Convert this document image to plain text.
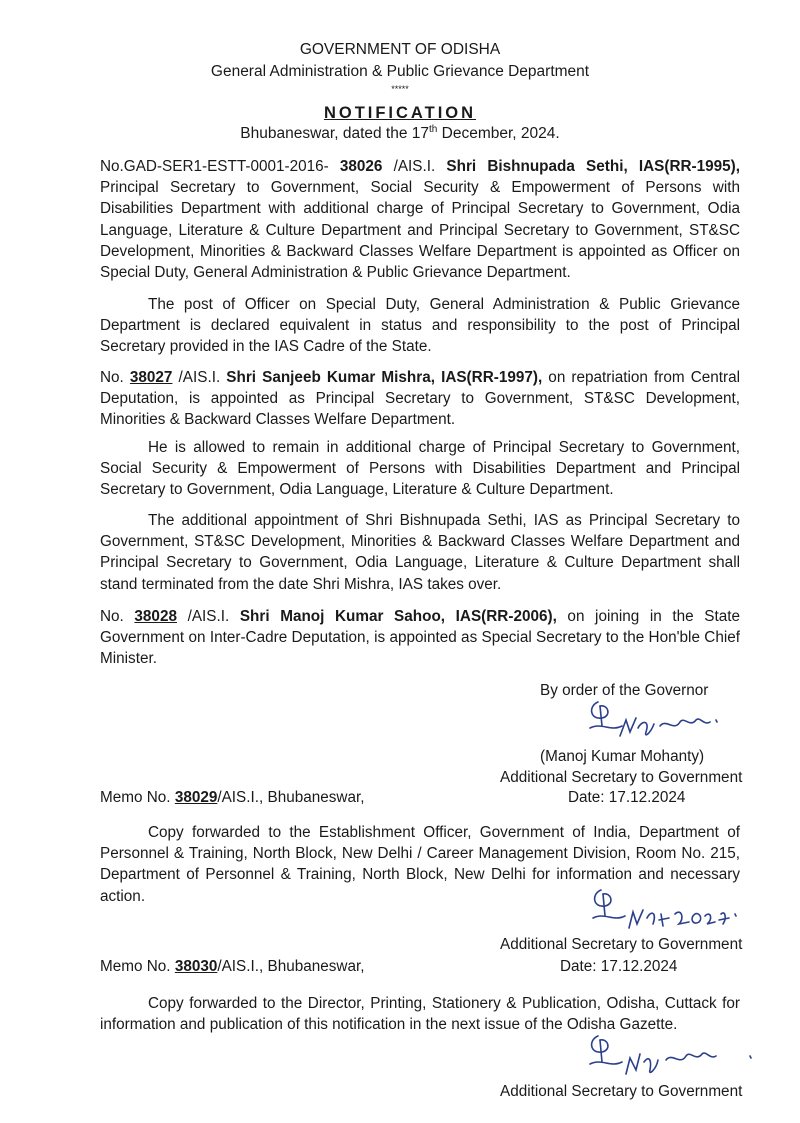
GOVERNMENT OF ODISHA
General Administration & Public Grievance Department
*****
NOTIFICATION
Bhubaneswar, dated the 17th December, 2024.

No.GAD-SER1-ESTT-0001-2016- 38026 /AIS.I. Shri Bishnupada Sethi, IAS(RR-1995), Principal Secretary to Government, Social Security & Empowerment of Persons with Disabilities Department with additional charge of Principal Secretary to Government, Odia Language, Literature & Culture Department and Principal Secretary to Government, ST&SC Development, Minorities & Backward Classes Welfare Department is appointed as Officer on Special Duty, General Administration & Public Grievance Department.

The post of Officer on Special Duty, General Administration & Public Grievance Department is declared equivalent in status and responsibility to the post of Principal Secretary provided in the IAS Cadre of the State.

No. 38027 /AIS.I. Shri Sanjeeb Kumar Mishra, IAS(RR-1997), on repatriation from Central Deputation, is appointed as Principal Secretary to Government, ST&SC Development, Minorities & Backward Classes Welfare Department.

He is allowed to remain in additional charge of Principal Secretary to Government, Social Security & Empowerment of Persons with Disabilities Department and Principal Secretary to Government, Odia Language, Literature & Culture Department.

The additional appointment of Shri Bishnupada Sethi, IAS as Principal Secretary to Government, ST&SC Development, Minorities & Backward Classes Welfare Department and Principal Secretary to Government, Odia Language, Literature & Culture Department shall stand terminated from the date Shri Mishra, IAS takes over.

No. 38028 /AIS.I. Shri Manoj Kumar Sahoo, IAS(RR-2006), on joining in the State Government on Inter-Cadre Deputation, is appointed as Special Secretary to the Hon'ble Chief Minister.

By order of the Governor
(Manoj Kumar Mohanty)
Additional Secretary to Government
Memo No. 38029/AIS.I., Bhubaneswar,	Date: 17.12.2024

Copy forwarded to the Establishment Officer, Government of India, Department of Personnel & Training, North Block, New Delhi / Career Management Division, Room No. 215, Department of Personnel & Training, North Block, New Delhi for information and necessary action.

Additional Secretary to Government
Memo No. 38030/AIS.I., Bhubaneswar,	Date: 17.12.2024

Copy forwarded to the Director, Printing, Stationery & Publication, Odisha, Cuttack for information and publication of this notification in the next issue of the Odisha Gazette.

Additional Secretary to Government
